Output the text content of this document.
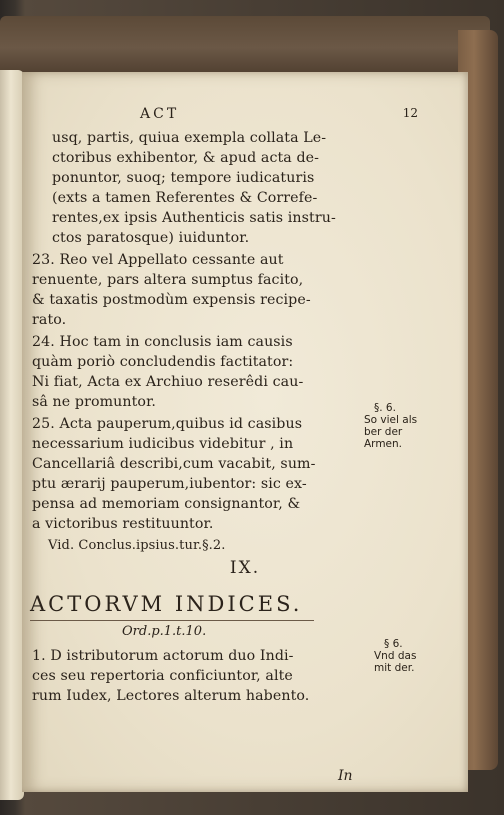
ACT	12
usq, partis, quiua exempla collata Le-
ctoribus exhibentor, & apud acta de-
ponuntor, suoq; tempore iudicaturis
(exts a tamen Referentes & Correfe-
rentes,ex ipsis Authenticis satis instru-
ctos paratosque) iuiduntor.
23. Reo vel Appellato cessante aut
renuente, pars altera sumptus facito,
& taxatis postmodùm expensis recipe-
rato.
24. Hoc tam in conclusis iam causis
quàm poriò concludendis factitator:
Ni fiat, Acta ex Archiuo reserêdi cau-
sâ ne promuntor.
25. Acta pauperum,quibus id casibus
necessarium iudicibus videbitur , in
Cancellariâ describi,cum vacabit, sum-
ptu ærarij pauperum,iubentor: sic ex-
pensa ad memoriam consignantor, &
a victoribus restituuntor.
Vid. Conclus.ipsius.tur.§.2.
IX.
ACTORVM INDICES.
Ord.p.1.t.10.
1. D istributorum actorum duo Indi-
ces seu repertoria conficiuntor, alte
rum Iudex, Lectores alterum habento.
In
§. 6.
So viel als
ber der
Armen.
§ 6.
Vnd das
mit der.
